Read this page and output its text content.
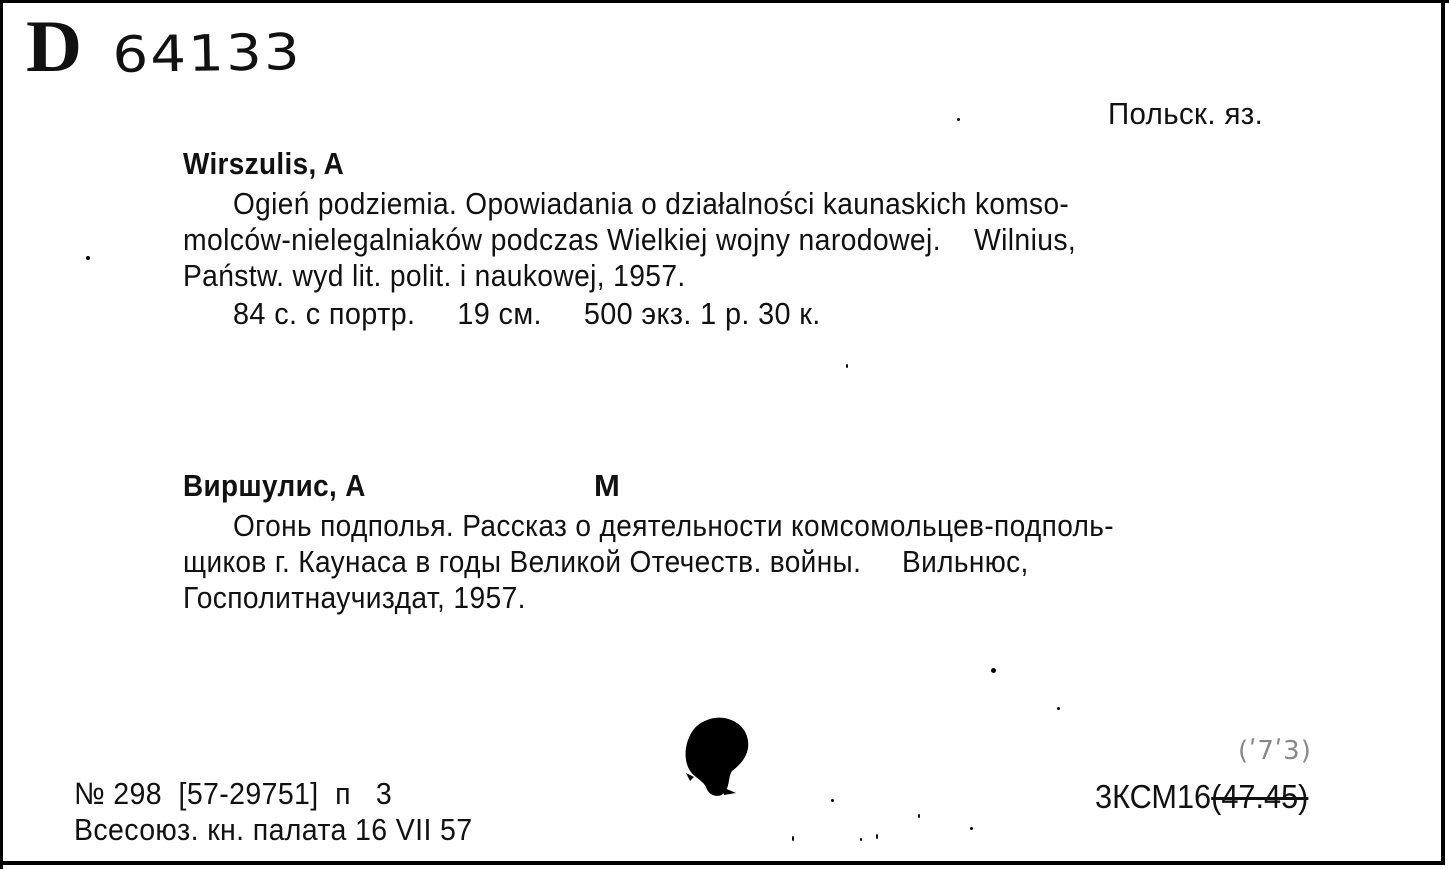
D 64133
Польск. яз.
Wirszulis, A
Ogień podziemia. Opowiadania o działalności kaunaskich komso-
molców-nielegalniaków podczas Wielkiej wojny narodowej.    Wilnius,
Państw. wyd lit. polit. i naukowej, 1957.
84 с. с портр.     19 см.     500 экз. 1 р. 30 к.
Виршулис, А	М
Огонь подполья. Рассказ о деятельности комсомольцев-подполь-
щиков г. Каунаса в годы Великой Отечеств. войны.     Вильнюс,
Госполитнаучиздат, 1957.
№ 298  [57-29751]  п   3
Всесоюз. кн. палата 16 VII 57
(ʹ7ʹ3)
3КСМ16(47.45)
